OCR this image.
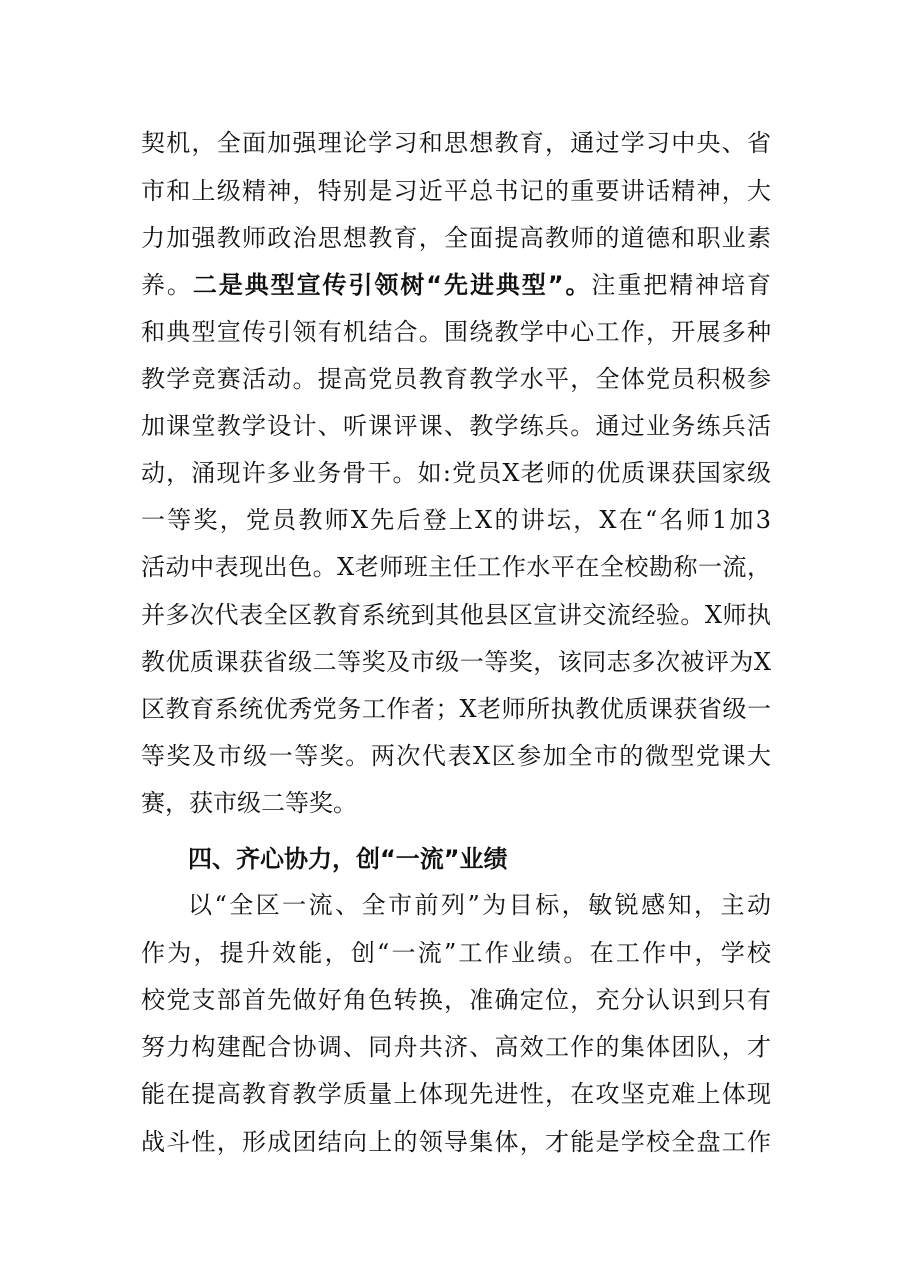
契机，全面加强理论学习和思想教育，通过学习中央、省
市和上级精神，特别是习近平总书记的重要讲话精神，大
力加强教师政治思想教育，全面提高教师的道德和职业素
养。二是典型宣传引领树“先进典型”。注重把精神培育
和典型宣传引领有机结合。围绕教学中心工作，开展多种
教学竞赛活动。提高党员教育教学水平，全体党员积极参
加课堂教学设计、听课评课、教学练兵。通过业务练兵活
动，涌现许多业务骨干。如:党员X老师的优质课获国家级
一等奖，党员教师X先后登上X的讲坛，X在“名师1加3
活动中表现出色。X老师班主任工作水平在全校勘称一流，
并多次代表全区教育系统到其他县区宣讲交流经验。X师执
教优质课获省级二等奖及市级一等奖，该同志多次被评为X
区教育系统优秀党务工作者；X老师所执教优质课获省级一
等奖及市级一等奖。两次代表X区参加全市的微型党课大
赛，获市级二等奖。
四、齐心协力，创“一流”业绩
以“全区一流、全市前列”为目标，敏锐感知，主动
作为，提升效能，创“一流”工作业绩。在工作中，学校
校党支部首先做好角色转换，准确定位，充分认识到只有
努力构建配合协调、同舟共济、高效工作的集体团队，才
能在提高教育教学质量上体现先进性，在攻坚克难上体现
战斗性，形成团结向上的领导集体，才能是学校全盘工作
